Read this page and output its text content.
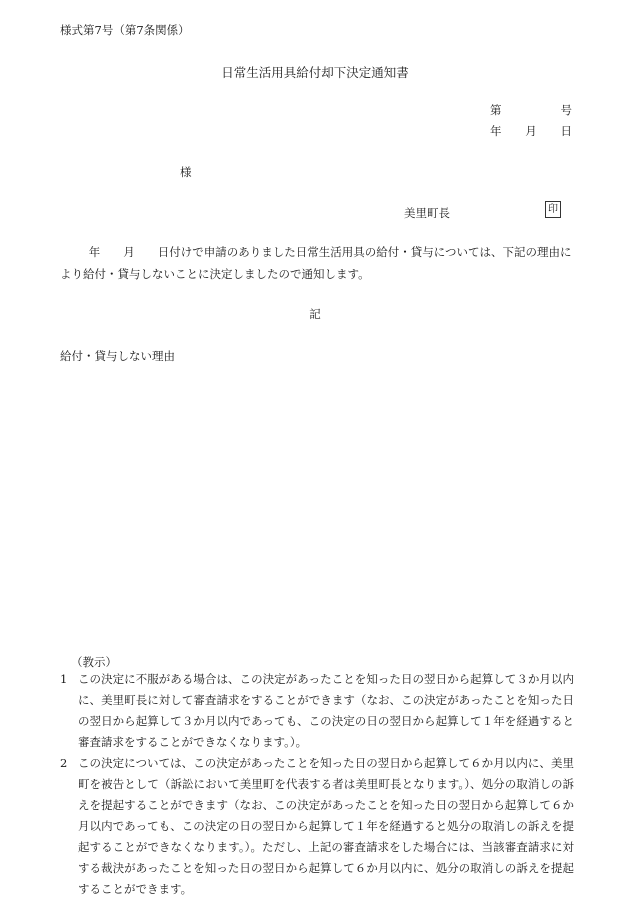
様式第7号（第7条関係）
日常生活用具給付却下決定通知書
第	号
年 月 日
様
美里町長	印
年　　月　　日付けで申請のありました日常生活用具の給付・貸与については、下記の理由により給付・貸与しないことに決定しましたので通知します。
記
給付・貸与しない理由
（教示）
1 この決定に不服がある場合は、この決定があったことを知った日の翌日から起算して３か月以内に、美里町長に対して審査請求をすることができます（なお、この決定があったことを知った日の翌日から起算して３か月以内であっても、この決定の日の翌日から起算して１年を経過すると審査請求をすることができなくなります。）。
2 この決定については、この決定があったことを知った日の翌日から起算して６か月以内に、美里町を被告として（訴訟において美里町を代表する者は美里町長となります。）、処分の取消しの訴えを提起することができます（なお、この決定があったことを知った日の翌日から起算して６か月以内であっても、この決定の日の翌日から起算して１年を経過すると処分の取消しの訴えを提起することができなくなります。）。ただし、上記の審査請求をした場合には、当該審査請求に対する裁決があったことを知った日の翌日から起算して６か月以内に、処分の取消しの訴えを提起することができます。
